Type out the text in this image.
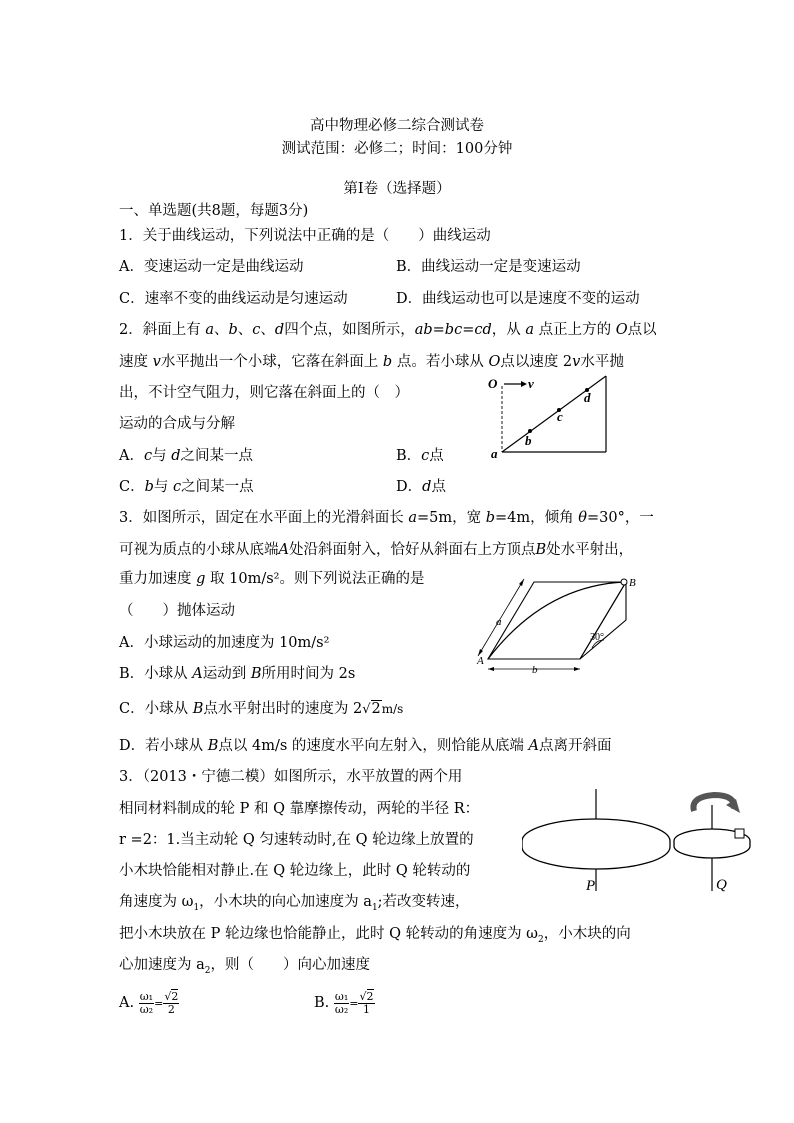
高中物理必修二综合测试卷
测试范围：必修二；时间：100分钟
第Ⅰ卷（选择题）
一、单选题(共8题，每题3分)
1．关于曲线运动，下列说法中正确的是（　　）曲线运动
A．变速运动一定是曲线运动	B．曲线运动一定是变速运动
C．速率不变的曲线运动是匀速运动	D．曲线运动也可以是速度不变的运动
2．斜面上有 a、b、c、d四个点，如图所示，ab=bc=cd，从 a 点正上方的 O点以
速度 v水平抛出一个小球，它落在斜面上 b 点。若小球从 O点以速度 2v水平抛
出，不计空气阻力，则它落在斜面上的（　）
运动的合成与分解
A．c与 d之间某一点	B．c点
C．b与 c之间某一点	D．d点
O v
a
b
c
d
3．如图所示，固定在水平面上的光滑斜面长 a=5m，宽 b=4m，倾角 θ=30°，一
可视为质点的小球从底端A处沿斜面射入，恰好从斜面右上方顶点B处水平射出，
重力加速度 g 取 10m/s²。则下列说法正确的是
（　　）抛体运动
A．小球运动的加速度为 10m/s²
B．小球从 A运动到 B所用时间为 2s
C．小球从 B点水平射出时的速度为 2√2m/s
D．若小球从 B点以 4m/s 的速度水平向左射入，则恰能从底端 A点离开斜面
A
B
a
b
30°
3．（2013・宁德二模）如图所示，水平放置的两个用
相同材料制成的轮 P 和 Q 靠摩擦传动，两轮的半径 R：
r =2：1.当主动轮 Q 匀速转动时,在 Q 轮边缘上放置的
小木块恰能相对静止.在 Q 轮边缘上，此时 Q 轮转动的
角速度为 $\omega_1$，小木块的向心加速度为 $a_1$;若改变转速，
把小木块放在 P 轮边缘也恰能静止，此时 Q 轮转动的角速度为 $\omega_2$，小木块的向
心加速度为 $a_2$，则（　　）向心加速度
A. $\frac{\text{ω₁}}{\text{ω₂}} = \frac{√2}{2}$	B. $\frac{\text{ω₁}}{\text{ω₂}} = \frac{√2}{1}$
P	Q
